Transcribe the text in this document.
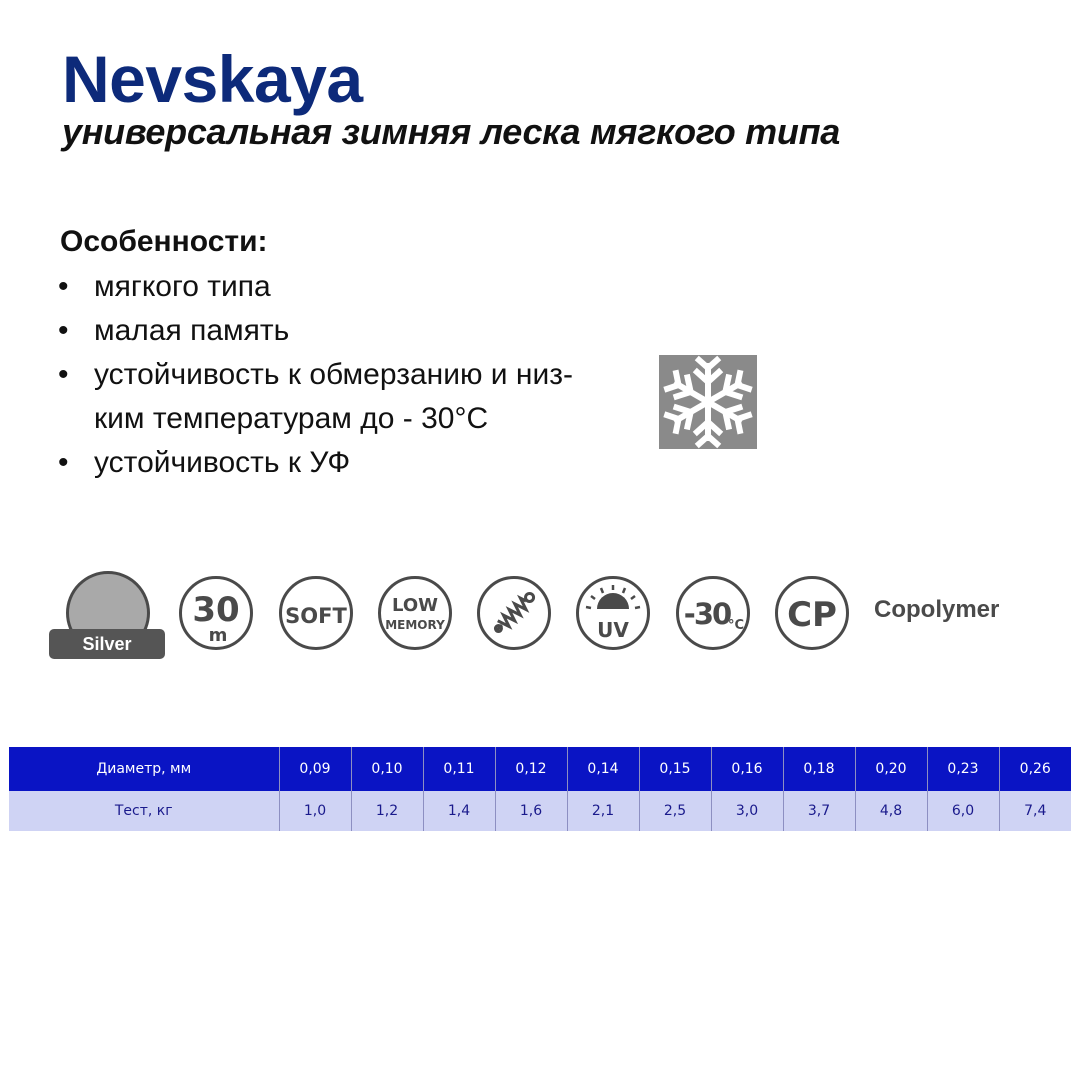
Nevskaya
универсальная зимняя леска мягкого типа
Особенности:
• мягкого типа
• малая память
• устойчивость к обмерзанию и низ-
ким температурам до - 30°С
• устойчивость к УФ
Silver
30
m
SOFT	LOW
MEMORY	UV -30
°C CP Copolymer
Диаметр, мм	0,09	0,10	0,11	0,12	0,14	0,15	0,16	0,18	0,20	0,23	0,26
Тест, кг	1,0	1,2	1,4	1,6	2,1	2,5	3,0	3,7	4,8	6,0	7,4
